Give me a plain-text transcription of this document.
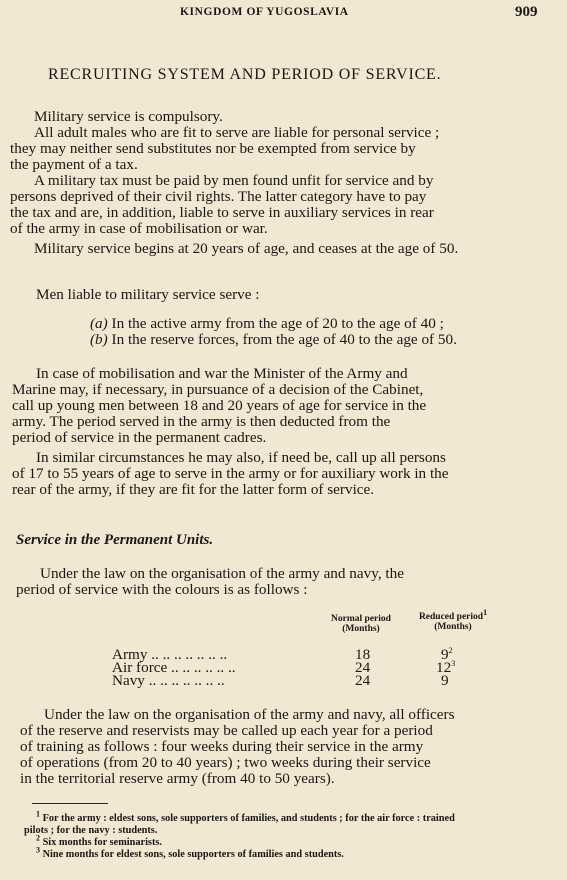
KINGDOM OF YUGOSLAVIA	909
RECRUITING SYSTEM AND PERIOD OF SERVICE.
Military service is compulsory.
All adult males who are fit to serve are liable for personal service ;
they may neither send substitutes nor be exempted from service by
the payment of a tax.
A military tax must be paid by men found unfit for service and by
persons deprived of their civil rights. The latter category have to pay
the tax and are, in addition, liable to serve in auxiliary services in rear
of the army in case of mobilisation or war.
Military service begins at 20 years of age, and ceases at the age of 50.
Men liable to military service serve :
(a) In the active army from the age of 20 to the age of 40 ;
(b) In the reserve forces, from the age of 40 to the age of 50.
In case of mobilisation and war the Minister of the Army and
Marine may, if necessary, in pursuance of a decision of the Cabinet,
call up young men between 18 and 20 years of age for service in the
army. The period served in the army is then deducted from the
period of service in the permanent cadres.
In similar circumstances he may also, if need be, call up all persons
of 17 to 55 years of age to serve in the army or for auxiliary work in the
rear of the army, if they are fit for the latter form of service.
Service in the Permanent Units.
Under the law on the organisation of the army and navy, the
period of service with the colours is as follows :
Normal period
(Months)
Reduced period$^1$
(Months)
Army .. .. .. .. .. .. ..	18	$9^2$
Air force .. .. .. .. .. ..	24	$12^3$
Navy .. .. .. .. .. .. ..	24	9
Under the law on the organisation of the army and navy, all officers
of the reserve and reservists may be called up each year for a period
of training as follows : four weeks during their service in the army
of operations (from 20 to 40 years) ; two weeks during their service
in the territorial reserve army (from 40 to 50 years).
$^1$ For the army : eldest sons, sole supporters of families, and students ; for the air force : trained
pilots ; for the navy : students.
$^2$ Six months for seminarists.
$^3$ Nine months for eldest sons, sole supporters of families and students.
